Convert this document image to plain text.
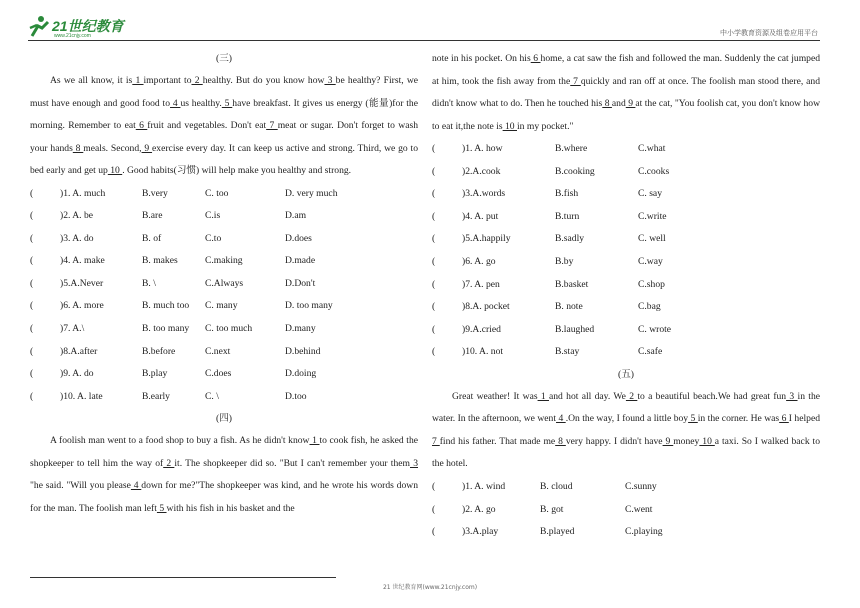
21世纪教育
www.21cnjy.com	中小学教育资源及组卷应用平台
(三)

As we all know, it is 1 important to 2 healthy. But do you know how 3 be healthy? First, we must have enough and good food to 4 us healthy. 5 have breakfast. It gives us energy (能量)for the morning. Remember to eat 6 fruit and vegetables. Don't eat 7 meat or sugar. Don't forget to wash your hands 8 meals. Second, 9 exercise every day. It can keep us active and strong. Third, we go to bed early and get up 10 . Good habits(习惯) will help make you healthy and strong.

(	)1. A. much	B.very	C. too	D. very much
(	)2. A. be	B.are	C.is	D.am
(	)3. A. do	B. of	C.to	D.does
(	)4. A. make	B. makes	C.making	D.made
(	)5.A.Never	B. \	C.Always	D.Don't
(	)6. A. more	B. much too C. many	D. too many
(	)7. A.\	B. too many C. too much	D.many
(	)8.A.after	B.before	C.next	D.behind
(	)9. A. do	B.play	C.does	D.doing
(	)10. A. late	B.early	C. \	D.too
(四)

A foolish man went to a food shop to buy a fish. As he didn't know 1 to cook fish, he asked the shopkeeper to tell him the way of 2 it. The shopkeeper did so. "But I can't remember your them 3 "he said. "Will you please 4 down for me?"The shopkeeper was kind, and he wrote his words down for the man. The foolish man left 5 with his fish in his basket and the

note in his pocket. On his 6 home, a cat saw the fish and followed the man. Suddenly the cat jumped at him, took the fish away from the 7 quickly and ran off at once. The foolish man stood there, and didn't know what to do. Then he touched his 8 and 9 at the cat, "You foolish cat, you don't know how to eat it,the note is 10 in my pocket."

(	)1. A. how	B.where	C.what
(	)2.A.cook	B.cooking	C.cooks
(	)3.A.words	B.fish	C. say
(	)4. A. put	B.turn	C.write
(	)5.A.happily	B.sadly	C. well
(	)6. A. go	B.by	C.way
(	)7. A. pen	B.basket	C.shop
(	)8.A. pocket	B. note	C.bag
(	)9.A.cried	B.laughed	C. wrote
(	)10. A. not	B.stay	C.safe
(五)

Great weather! It was 1 and hot all day. We 2 to a beautiful beach.We had great fun 3 in the water. In the afternoon, we went 4 .On the way, I found a little boy 5 in the corner. He was 6 I helped 7 find his father. That made me 8 very happy. I didn't have 9 money 10 a taxi. So I walked back to the hotel.

(	)1. A. wind	B. cloud	C.sunny
(	)2. A. go	B. got	C.went
(	)3.A.play	B.played	C.playing
21 世纪教育网(www.21cnjy.com)
